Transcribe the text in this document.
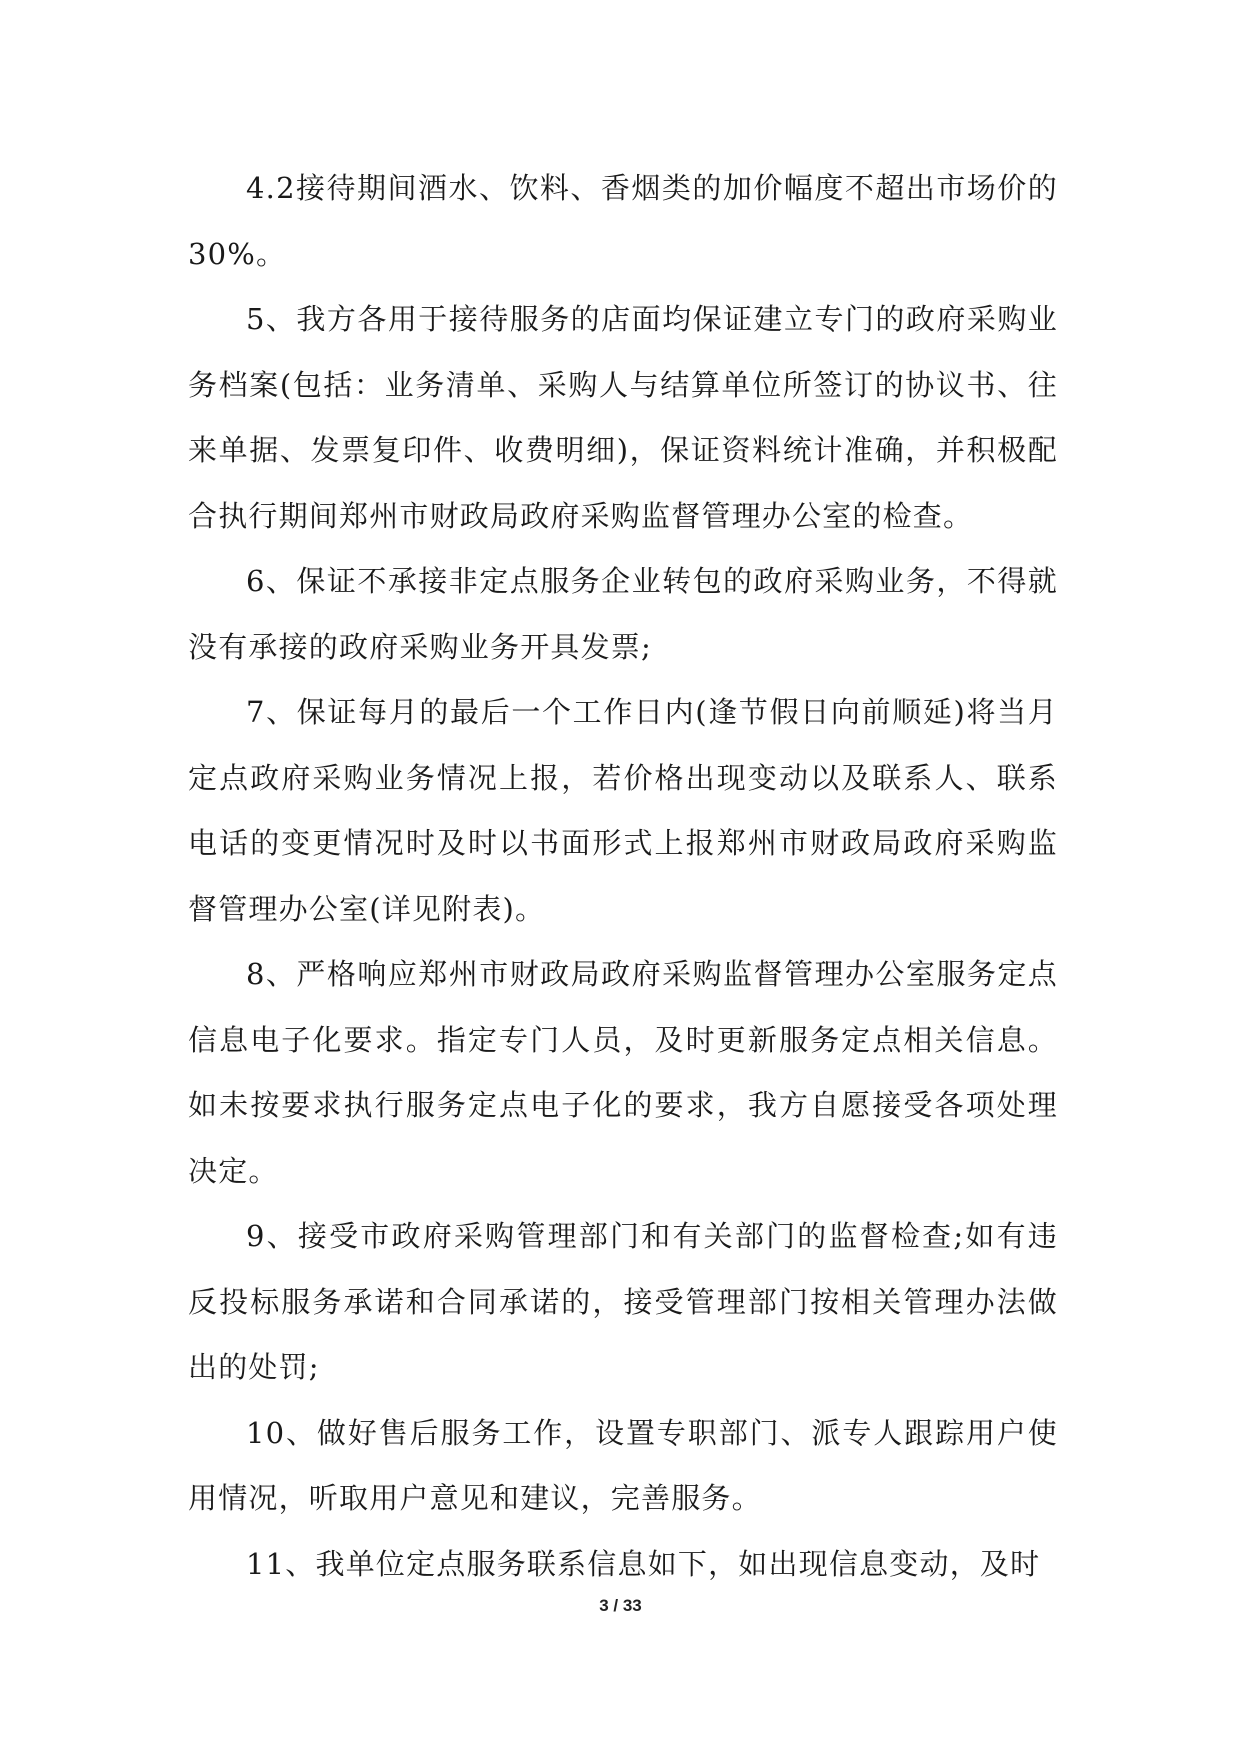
4.2接待期间酒水、饮料、香烟类的加价幅度不超出市场价的30%。

5、我方各用于接待服务的店面均保证建立专门的政府采购业务档案(包括：业务清单、采购人与结算单位所签订的协议书、往来单据、发票复印件、收费明细)，保证资料统计准确，并积极配合执行期间郑州市财政局政府采购监督管理办公室的检查。

6、保证不承接非定点服务企业转包的政府采购业务，不得就没有承接的政府采购业务开具发票;

7、保证每月的最后一个工作日内(逢节假日向前顺延)将当月定点政府采购业务情况上报，若价格出现变动以及联系人、联系电话的变更情况时及时以书面形式上报郑州市财政局政府采购监督管理办公室(详见附表)。

8、严格响应郑州市财政局政府采购监督管理办公室服务定点信息电子化要求。指定专门人员，及时更新服务定点相关信息。如未按要求执行服务定点电子化的要求，我方自愿接受各项处理决定。

9、接受市政府采购管理部门和有关部门的监督检查;如有违反投标服务承诺和合同承诺的，接受管理部门按相关管理办法做出的处罚;

10、做好售后服务工作，设置专职部门、派专人跟踪用户使用情况，听取用户意见和建议，完善服务。

11、我单位定点服务联系信息如下，如出现信息变动，及时

3 / 33
